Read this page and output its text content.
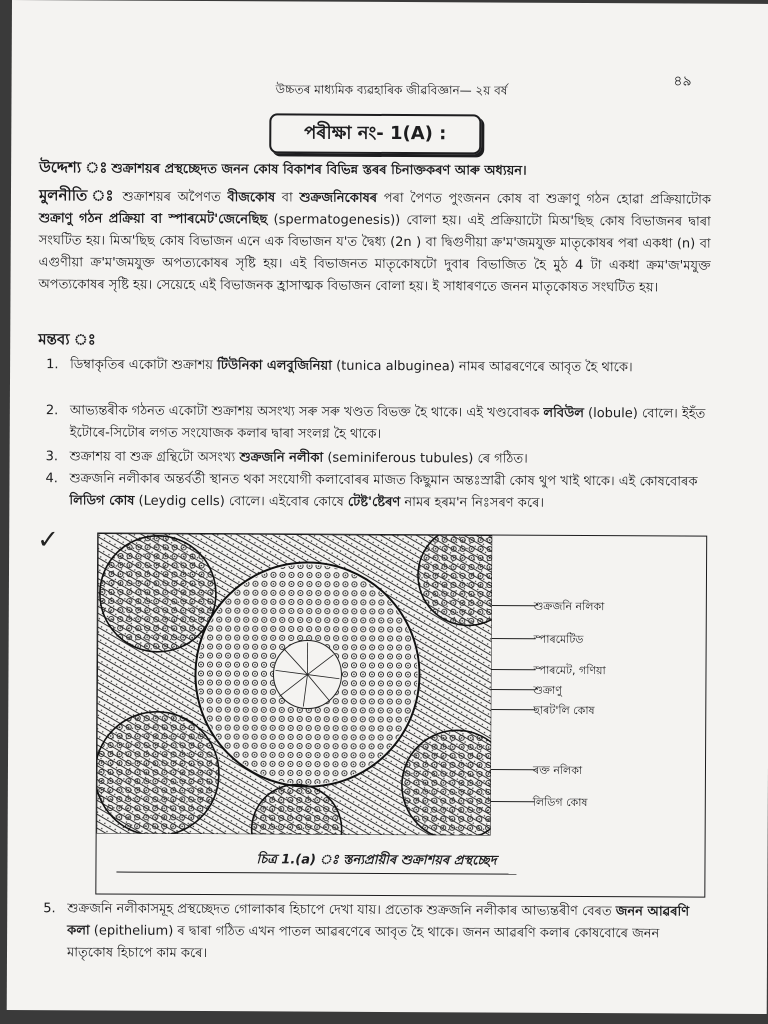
উচ্চতৰ মাধ্যমিক ব্যৱহাৰিক জীৱবিজ্ঞান— ২য় বৰ্ষ
৪৯
পৰীক্ষা নং- 1(A) :
উদ্দেশ্য ঃ শুক্ৰাশয়ৰ প্ৰস্থচ্ছেদত জনন কোষ বিকাশৰ বিভিন্ন স্তৰৰ চিনাক্তকৰণ আৰু অধ্যয়ন।
মুলনীতি ঃ শুক্ৰাশয়ৰ অপৈণত বীজকোষ বা শুক্ৰজনিকোষৰ পৰা পৈণত পুংজনন কোষ বা শুক্ৰাণু গঠন হোৱা প্ৰক্ৰিয়াটোক শুক্ৰাণু গঠন প্ৰক্ৰিয়া বা স্পাৰমেট'জেনেছিছ (spermatogenesis)) বোলা হয়। এই প্ৰক্ৰিয়াটো মিঅ'ছিছ কোষ বিভাজনৰ দ্বাৰা সংঘটিত হয়। মিঅ'ছিছ কোষ বিভাজন এনে এক বিভাজন য'ত দ্বৈধ্য (2n ) বা দ্বিগুণীয়া ক্ৰ'ম'জমযুক্ত মাতৃকোষৰ পৰা একধা (n) বা এগুণীয়া ক্ৰ'ম'জমযুক্ত অপত্যকোষৰ সৃষ্টি হয়। এই বিভাজনত মাতৃকোষটো দুবাৰ বিভাজিত হৈ মুঠ 4 টা একধা ক্ৰম'জ'মযুক্ত অপত্যকোষৰ সৃষ্টি হয়। সেয়েহে এই বিভাজনক হ্ৰাসাত্মক বিভাজন বোলা হয়। ই সাধাৰণতে জনন মাতৃকোষত সংঘটিত হয়।
মন্তব্য ঃ
1. ডিম্বাকৃতিৰ একোটা শুক্ৰাশয় টিউনিকা এলবুজিনিয়া (tunica albuginea) নামৰ আৱৰণেৰে আবৃত হৈ থাকে।
2. আভ্যন্তৰীক গঠনত একোটা শুক্ৰাশয় অসংখ্য সৰু সৰু খণ্ডত বিভক্ত হৈ থাকে। এই খণ্ডবোৰক লবিউল (lobule) বোলে। ইহঁত ইটোৰে-সিটোৰ লগত সংযোজক কলাৰ দ্বাৰা সংলগ্ন হৈ থাকে।
3. শুক্ৰাশয় বা শুক্ৰ গ্ৰন্থিটো অসংখ্য শুক্ৰজনি নলীকা (seminiferous tubules) ৰে গঠিত।
4. শুক্ৰজনি নলীকাৰ অন্তৰ্বৰ্তী স্থানত থকা সংযোগী কলাবোৰৰ মাজত কিছুমান অন্তঃস্ৰাৱী কোষ থুপ খাই থাকে। এই কোষবোৰক লিডিগ কোষ (Leydig cells) বোলে। এইবোৰ কোষে টেষ্ট'ষ্টেৰণ নামৰ হৰম'ন নিঃসৰণ কৰে।
✓
শুক্ৰজনি নলিকা
স্পাৰমেটিড
স্পাৰমেট, গণিয়া
শুক্ৰাণু
ছাৰট'লি কোষ
ৰক্ত নলিকা
লিডিগ কোষ
চিত্ৰ 1.(a) ঃ স্তন্যপ্ৰায়ীৰ শুক্ৰাশয়ৰ প্ৰস্থচ্ছেদ
5. শুক্ৰজনি নলীকাসমূহ প্ৰস্থচ্ছেদত গোলাকাৰ হিচাপে দেখা যায়। প্ৰতোক শুক্ৰজনি নলীকাৰ আভ্যন্তৰীণ বেৰত জনন আৱৰণি কলা (epithelium) ৰ দ্বাৰা গঠিত এখন পাতল আৱৰণেৰে আবৃত হৈ থাকে। জনন আৱৰণি কলাৰ কোষবোৰে জনন মাতৃকোষ হিচাপে কাম কৰে।
